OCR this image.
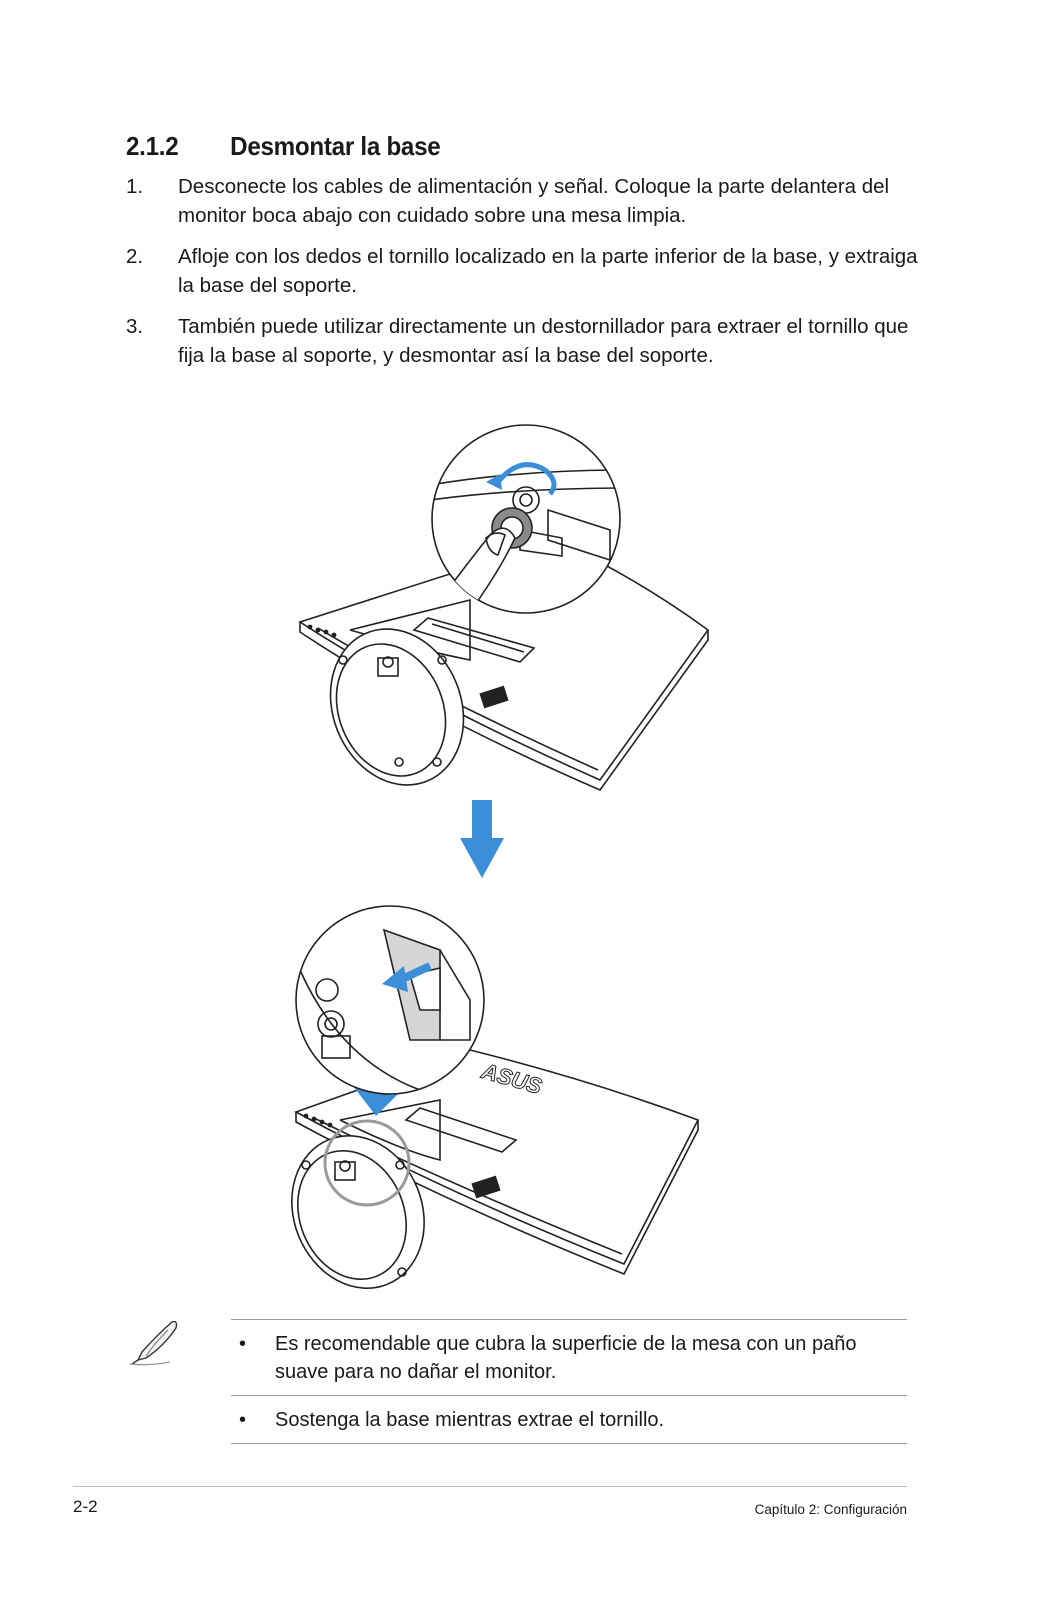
2.1.2 Desmontar la base
1. Desconecte los cables de alimentación y señal. Coloque la parte delantera del monitor boca abajo con cuidado sobre una mesa limpia.
2. Afloje con los dedos el tornillo localizado en la parte inferior de la base, y extraiga la base del soporte.
3. También puede utilizar directamente un destornillador para extraer el tornillo que fija la base al soporte, y desmontar así la base del soporte.
ASUS
• Es recomendable que cubra la superficie de la mesa con un paño suave para no dañar el monitor.
• Sostenga la base mientras extrae el tornillo.
2-2	Capítulo 2: Configuración
